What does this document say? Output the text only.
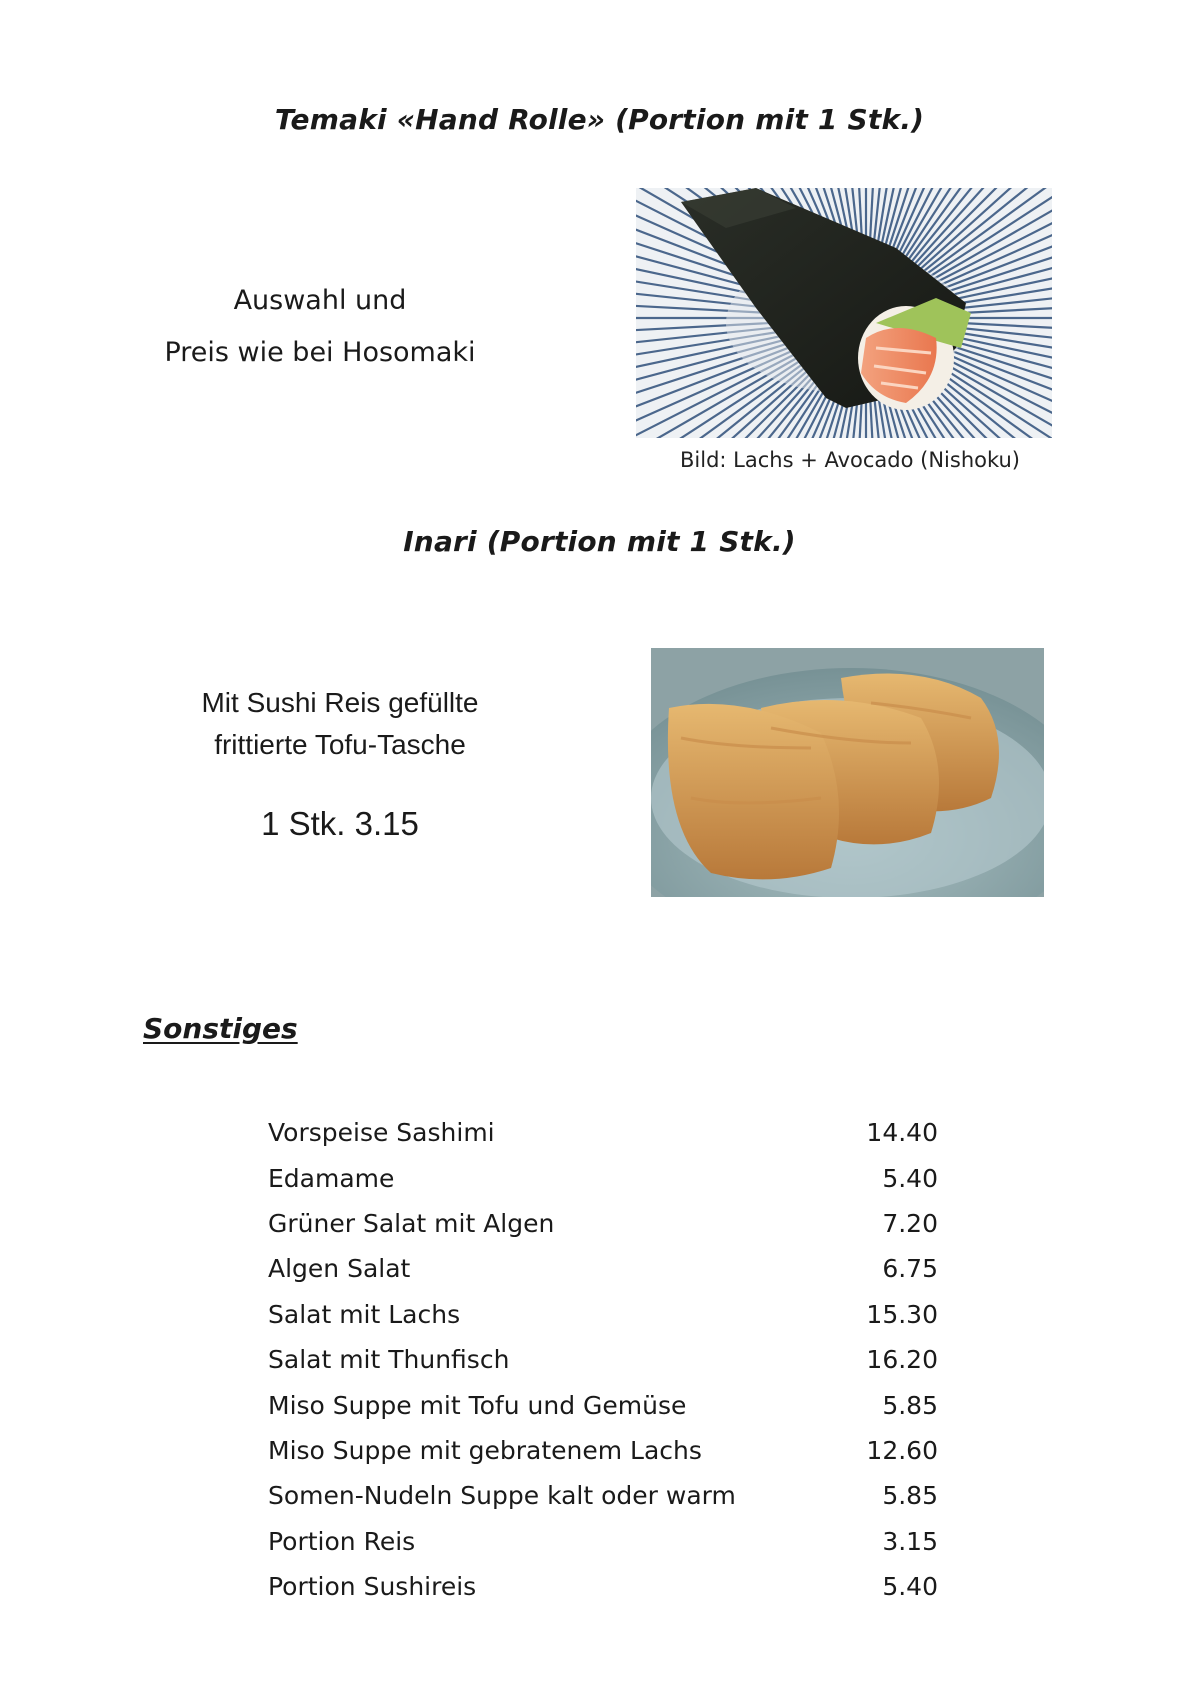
Temaki «Hand Rolle» (Portion mit 1 Stk.)
Auswahl und
Preis wie bei Hosomaki
Bild: Lachs + Avocado (Nishoku)
Inari (Portion mit 1 Stk.)
Mit Sushi Reis gefüllte
frittierte Tofu-Tasche
1 Stk. 3.15
Sonstiges
Vorspeise Sashimi	14.40
Edamame	5.40
Grüner Salat mit Algen	7.20
Algen Salat	6.75
Salat mit Lachs	15.30
Salat mit Thunfisch	16.20
Miso Suppe mit Tofu und Gemüse	5.85
Miso Suppe mit gebratenem Lachs	12.60
Somen-Nudeln Suppe kalt oder warm	5.85
Portion Reis	3.15
Portion Sushireis	5.40
